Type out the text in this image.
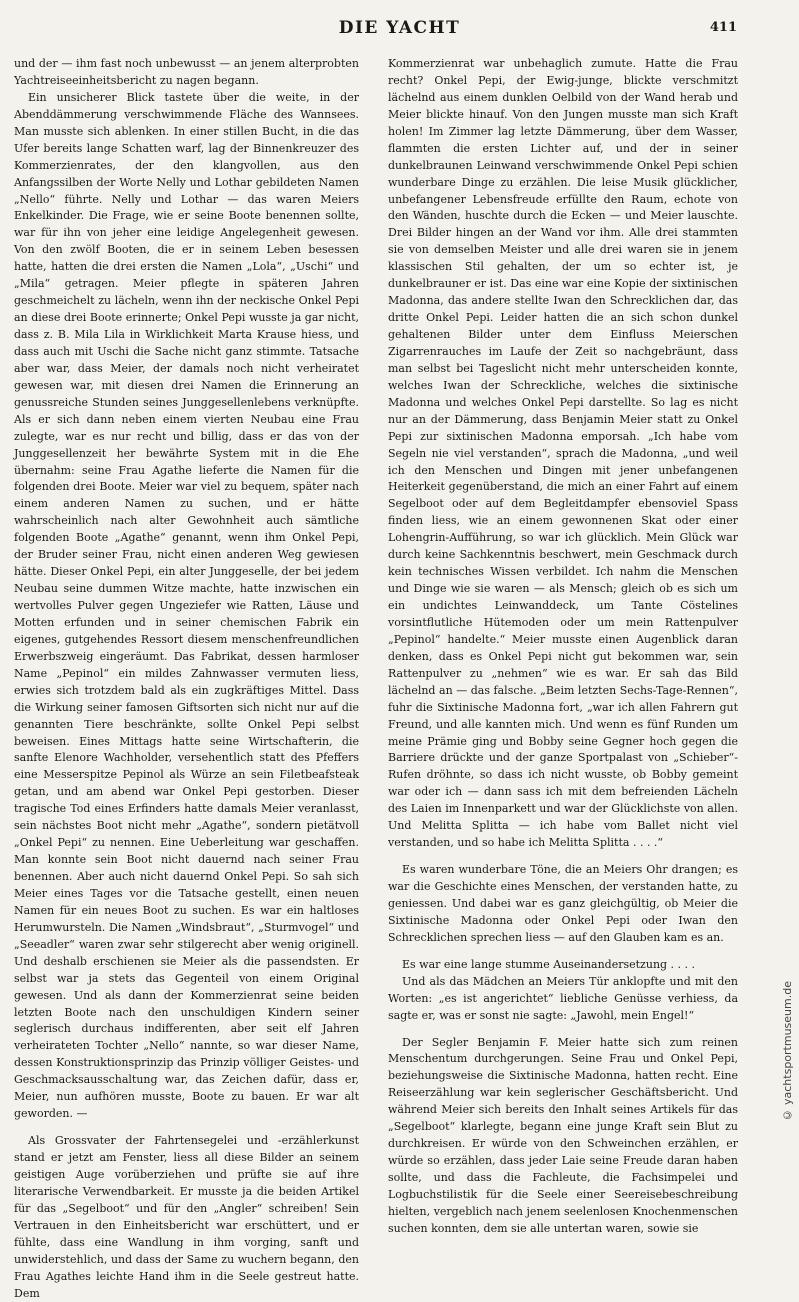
DIE YACHT	411

und der — ihm fast noch unbewusst — an jenem alterprobten Yachtreiseeinheitsbericht zu nagen begann.

Ein unsicherer Blick tastete über die weite, in der Abenddämmerung verschwimmende Fläche des Wannsees. Man musste sich ablenken. In einer stillen Bucht, in die das Ufer bereits lange Schatten warf, lag der Binnenkreuzer des Kommerzienrates, der den klangvollen, aus den Anfangssilben der Worte Nelly und Lothar gebildeten Namen „Nello“ führte. Nelly und Lothar — das waren Meiers Enkelkinder. Die Frage, wie er seine Boote benennen sollte, war für ihn von jeher eine leidige Angelegenheit gewesen. Von den zwölf Booten, die er in seinem Leben besessen hatte, hatten die drei ersten die Namen „Lola“, „Uschi“ und „Mila“ getragen. Meier pflegte in späteren Jahren geschmeichelt zu lächeln, wenn ihn der neckische Onkel Pepi an diese drei Boote erinnerte; Onkel Pepi wusste ja gar nicht, dass z. B. Mila Lila in Wirklichkeit Marta Krause hiess, und dass auch mit Uschi die Sache nicht ganz stimmte. Tatsache aber war, dass Meier, der damals noch nicht verheiratet gewesen war, mit diesen drei Namen die Erinnerung an genussreiche Stunden seines Junggesellenlebens verknüpfte. Als er sich dann neben einem vierten Neubau eine Frau zulegte, war es nur recht und billig, dass er das von der Junggesellenzeit her bewährte System mit in die Ehe übernahm: seine Frau Agathe lieferte die Namen für die folgenden drei Boote. Meier war viel zu bequem, später nach einem anderen Namen zu suchen, und er hätte wahrscheinlich nach alter Gewohnheit auch sämtliche folgenden Boote „Agathe“ genannt, wenn ihm Onkel Pepi, der Bruder seiner Frau, nicht einen anderen Weg gewiesen hätte. Dieser Onkel Pepi, ein alter Junggeselle, der bei jedem Neubau seine dummen Witze machte, hatte inzwischen ein wertvolles Pulver gegen Ungeziefer wie Ratten, Läuse und Motten erfunden und in seiner chemischen Fabrik ein eigenes, gutgehendes Ressort diesem menschenfreundlichen Erwerbszweig eingeräumt. Das Fabrikat, dessen harmloser Name „Pepinol“ ein mildes Zahnwasser vermuten liess, erwies sich trotzdem bald als ein zugkräftiges Mittel. Dass die Wirkung seiner famosen Giftsorten sich nicht nur auf die genannten Tiere beschränkte, sollte Onkel Pepi selbst beweisen. Eines Mittags hatte seine Wirtschafterin, die sanfte Elenore Wachholder, versehentlich statt des Pfeffers eine Messerspitze Pepinol als Würze an sein Filetbeafsteak getan, und am abend war Onkel Pepi gestorben. Dieser tragische Tod eines Erfinders hatte damals Meier veranlasst, sein nächstes Boot nicht mehr „Agathe“, sondern pietätvoll „Onkel Pepi“ zu nennen. Eine Ueberleitung war geschaffen. Man konnte sein Boot nicht dauernd nach seiner Frau benennen. Aber auch nicht dauernd Onkel Pepi. So sah sich Meier eines Tages vor die Tatsache gestellt, einen neuen Namen für ein neues Boot zu suchen. Es war ein haltloses Herumwursteln. Die Namen „Windsbraut“, „Sturmvogel“ und „Seeadler“ waren zwar sehr stilgerecht aber wenig originell. Und deshalb erschienen sie Meier als die passendsten. Er selbst war ja stets das Gegenteil von einem Original gewesen. Und als dann der Kommerzienrat seine beiden letzten Boote nach den unschuldigen Kindern seiner seglerisch durchaus indifferenten, aber seit elf Jahren verheirateten Tochter „Nello“ nannte, so war dieser Name, dessen Konstruktionsprinzip das Prinzip völliger Geistes- und Geschmacksausschaltung war, das Zeichen dafür, dass er, Meier, nun aufhören musste, Boote zu bauen. Er war alt geworden. —

Als Grossvater der Fahrtensegelei und -erzählerkunst stand er jetzt am Fenster, liess all diese Bilder an seinem geistigen Auge vorüberziehen und prüfte sie auf ihre literarische Verwendbarkeit. Er musste ja die beiden Artikel für das „Segelboot“ und für den „Angler“ schreiben! Sein Vertrauen in den Einheitsbericht war erschüttert, und er fühlte, dass eine Wandlung in ihm vorging, sanft und unwiderstehlich, und dass der Same zu wuchern begann, den Frau Agathes leichte Hand ihm in die Seele gestreut hatte. Dem

Kommerzienrat war unbehaglich zumute. Hatte die Frau recht? Onkel Pepi, der Ewig-junge, blickte verschmitzt lächelnd aus einem dunklen Oelbild von der Wand herab und Meier blickte hinauf. Von den Jungen musste man sich Kraft holen! Im Zimmer lag letzte Dämmerung, über dem Wasser, flammten die ersten Lichter auf, und der in seiner dunkelbraunen Leinwand verschwimmende Onkel Pepi schien wunderbare Dinge zu erzählen. Die leise Musik glücklicher, unbefangener Lebensfreude erfüllte den Raum, echote von den Wänden, huschte durch die Ecken — und Meier lauschte. Drei Bilder hingen an der Wand vor ihm. Alle drei stammten sie von demselben Meister und alle drei waren sie in jenem klassischen Stil gehalten, der um so echter ist, je dunkelbrauner er ist. Das eine war eine Kopie der sixtinischen Madonna, das andere stellte Iwan den Schrecklichen dar, das dritte Onkel Pepi. Leider hatten die an sich schon dunkel gehaltenen Bilder unter dem Einfluss Meierschen Zigarrenrauches im Laufe der Zeit so nachgebräunt, dass man selbst bei Tageslicht nicht mehr unterscheiden konnte, welches Iwan der Schreckliche, welches die sixtinische Madonna und welches Onkel Pepi darstellte. So lag es nicht nur an der Dämmerung, dass Benjamin Meier statt zu Onkel Pepi zur sixtinischen Madonna emporsah. „Ich habe vom Segeln nie viel verstanden“, sprach die Madonna, „und weil ich den Menschen und Dingen mit jener unbefangenen Heiterkeit gegenüberstand, die mich an einer Fahrt auf einem Segelboot oder auf dem Begleitdampfer ebensoviel Spass finden liess, wie an einem gewonnenen Skat oder einer Lohengrin-Aufführung, so war ich glücklich. Mein Glück war durch keine Sachkenntnis beschwert, mein Geschmack durch kein technisches Wissen verbildet. Ich nahm die Menschen und Dinge wie sie waren — als Mensch; gleich ob es sich um ein undichtes Leinwanddeck, um Tante Cöstelines vorsintflutliche Hütemoden oder um mein Rattenpulver „Pepinol“ handelte.“ Meier musste einen Augenblick daran denken, dass es Onkel Pepi nicht gut bekommen war, sein Rattenpulver zu „nehmen“ wie es war. Er sah das Bild lächelnd an — das falsche. „Beim letzten Sechs-Tage-Rennen“, fuhr die Sixtinische Madonna fort, „war ich allen Fahrern gut Freund, und alle kannten mich. Und wenn es fünf Runden um meine Prämie ging und Bobby seine Gegner hoch gegen die Barriere drückte und der ganze Sportpalast von „Schieber“-Rufen dröhnte, so dass ich nicht wusste, ob Bobby gemeint war oder ich — dann sass ich mit dem befreienden Lächeln des Laien im Innenparkett und war der Glücklichste von allen. Und Melitta Splitta — ich habe vom Ballet nicht viel verstanden, und so habe ich Melitta Splitta . . . .“

Es waren wunderbare Töne, die an Meiers Ohr drangen; es war die Geschichte eines Menschen, der verstanden hatte, zu geniessen. Und dabei war es ganz gleichgültig, ob Meier die Sixtinische Madonna oder Onkel Pepi oder Iwan den Schrecklichen sprechen liess — auf den Glauben kam es an.

Es war eine lange stumme Auseinandersetzung . . . .

Und als das Mädchen an Meiers Tür anklopfte und mit den Worten: „es ist angerichtet“ liebliche Genüsse verhiess, da sagte er, was er sonst nie sagte: „Jawohl, mein Engel!“

Der Segler Benjamin F. Meier hatte sich zum reinen Menschentum durchgerungen. Seine Frau und Onkel Pepi, beziehungsweise die Sixtinische Madonna, hatten recht. Eine Reiseerzählung war kein seglerischer Geschäftsbericht. Und während Meier sich bereits den Inhalt seines Artikels für das „Segelboot“ klarlegte, begann eine junge Kraft sein Blut zu durchkreisen. Er würde von den Schweinchen erzählen, er würde so erzählen, dass jeder Laie seine Freude daran haben sollte, und dass die Fachleute, die Fachsimpelei und Logbuchstilistik für die Seele einer Seereisebeschreibung hielten, vergeblich nach jenem seelenlosen Knochenmenschen suchen konnten, dem sie alle untertan waren, sowie sie

© yachtsportmuseum.de
